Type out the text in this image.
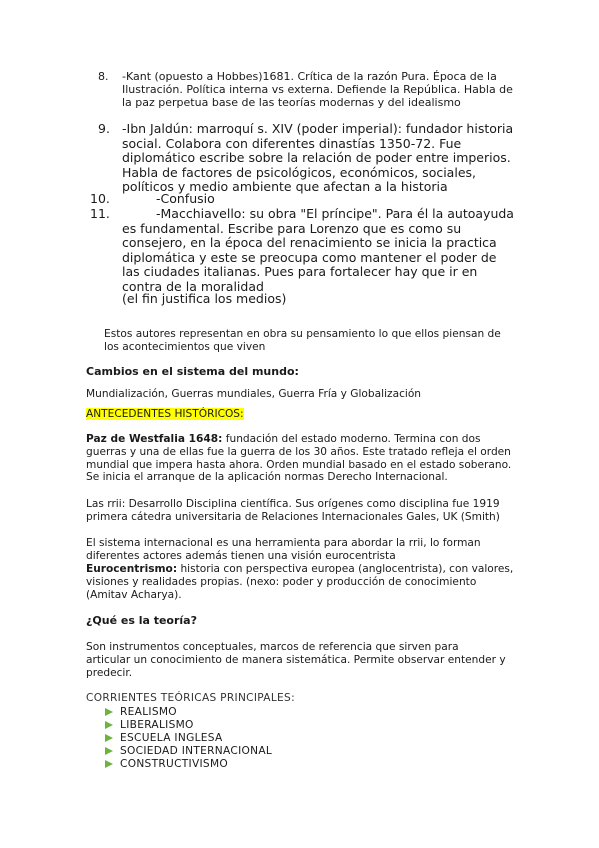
8.	-Kant (opuesto a Hobbes)1681. Crítica de la razón Pura. Época de la Ilustración. Política interna vs externa. Defiende la República. Habla de la paz perpetua base de las teorías modernas y del idealismo
9. -Ibn Jaldún: marroquí s. XIV (poder imperial): fundador historia social. Colabora con diferentes dinastías 1350-72. Fue diplomático escribe sobre la relación de poder entre imperios. Habla de factores de psicológicos, económicos, sociales, políticos y medio ambiente que afectan a la historia
10.	-Confusio
11.	-Macchiavello: su obra "El príncipe". Para él la autoayuda es fundamental. Escribe para Lorenzo que es como su consejero, en la época del renacimiento se inicia la practica diplomática y este se preocupa como mantener el poder de las ciudades italianas. Pues para fortalecer hay que ir en contra de la moralidad
(el fin justifica los medios)
Estos autores representan en obra su pensamiento lo que ellos piensan de los acontecimientos que viven
Cambios en el sistema del mundo:
Mundialización, Guerras mundiales, Guerra Fría y Globalización
ANTECEDENTES HISTÓRICOS:
Paz de Westfalia 1648: fundación del estado moderno. Termina con dos guerras y una de ellas fue la guerra de los 30 años. Este tratado refleja el orden mundial que impera hasta ahora. Orden mundial basado en el estado soberano. Se inicia el arranque de la aplicación normas Derecho Internacional.
Las rrii: Desarrollo Disciplina científica. Sus orígenes como disciplina fue 1919 primera cátedra universitaria de Relaciones Internacionales Gales, UK (Smith)
El sistema internacional es una herramienta para abordar la rrii, lo forman diferentes actores además tienen una visión eurocentrista
Eurocentrismo: historia con perspectiva europea (anglocentrista), con valores, visiones y realidades propias. (nexo: poder y producción de conocimiento (Amitav Acharya).
¿Qué es la teoría?
Son instrumentos conceptuales, marcos de referencia que sirven para articular un conocimiento de manera sistemática. Permite observar entender y predecir.
CORRIENTES TEÓRICAS PRINCIPALES:
REALISMO
LIBERALISMO
ESCUELA INGLESA
SOCIEDAD INTERNACIONAL
CONSTRUCTIVISMO
